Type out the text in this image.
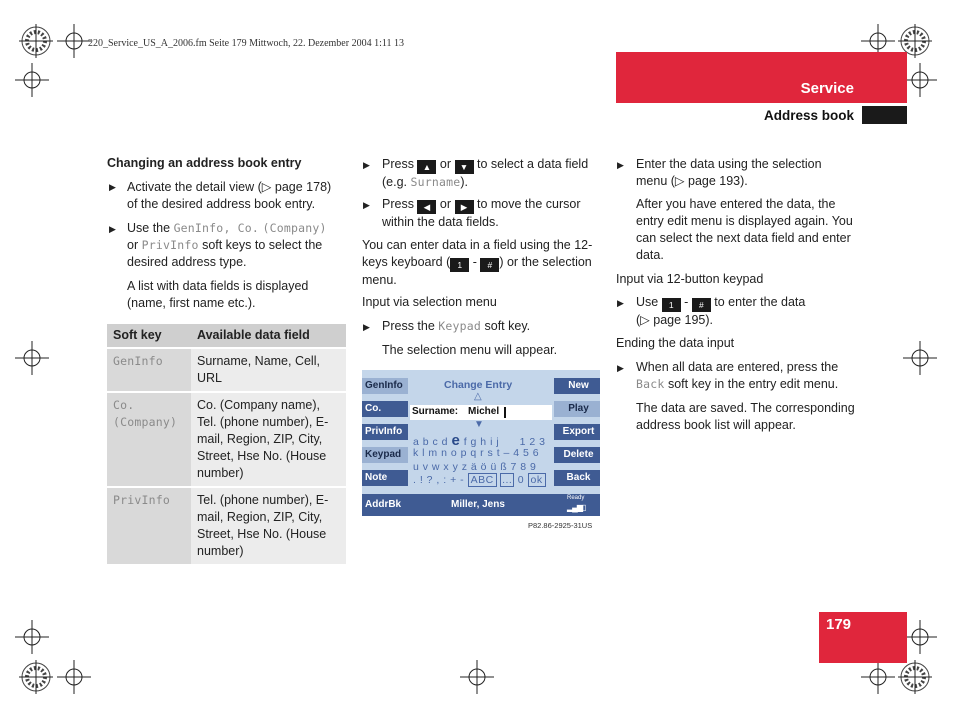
220_Service_US_A_2006.fm Seite 179 Mittwoch, 22. Dezember 2004 1:11 13
Service
Address book
Changing an address book entry
▶ Activate the detail view (▷ page 178)
of the desired address book entry.
▶ Use the GenInfo, Co. (Company)
or PrivInfo soft keys to select the
desired address type.
A list with data fields is displayed
(name, first name etc.).
Soft key	Available data field
GenInfo	Surname, Name, Cell, URL

Co.
(Company)	Co. (Company name), Tel. (phone number), E-mail, Region, ZIP, City, Street, Hse No. (House number)
PrivInfo	Tel. (phone number), E-mail, Region, ZIP, City, Street, Hse No. (House number)
▶ Press ▲ or ▼ to select a data field
(e.g. Surname).
▶ Press ◀ or ▶ to move the cursor
within the data fields.
You can enter data in a field using the 12-
keys keyboard ( 1 - # ) or the selection
menu.
Input via selection menu
▶ Press the Keypad soft key.
The selection menu will appear.
GenInfo
Co.
PrivInfo
Keypad
Note
New
Play
Export
Delete
Back
Change Entry
△
Surname: Michel
▼
a b c d e f g h i j 1 2 3
k l m n o p q r s t – 4 5 6
u v w x y z ä ö ü ß 7 8 9
. ! ? , : + - ABC ... 0 ok
AddrBk	Miller, Jens
Ready
▂▄▆▯
P82.86-2925-31US
▶ Enter the data using the selection
menu (▷ page 193).
After you have entered the data, the
entry edit menu is displayed again. You
can select the next data field and enter
data.
Input via 12-button keypad
▶ Use 1 - # to enter the data
(▷ page 195).
Ending the data input
▶ When all data are entered, press the
Back soft key in the entry edit menu.
The data are saved. The corresponding
address book list will appear.
179
